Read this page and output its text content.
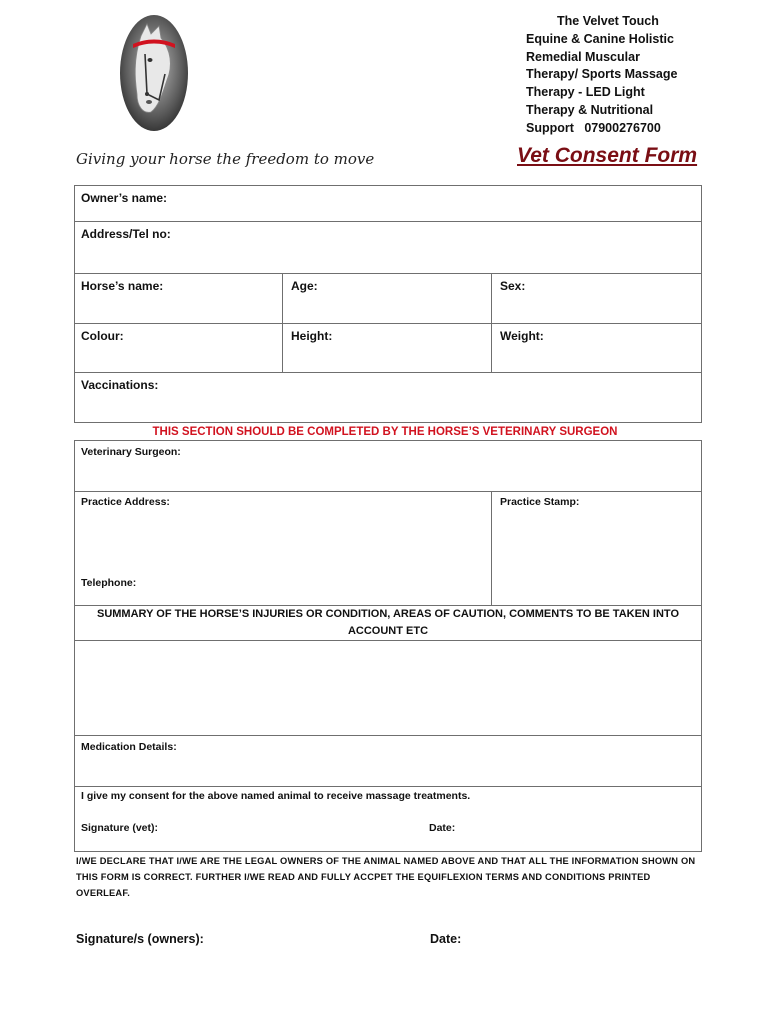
The Velvet Touch
Equine & Canine Holistic
Remedial Muscular
Therapy/ Sports Massage
Therapy - LED Light
Therapy & Nutritional
Support   07900276700
Giving your horse the freedom to move	Vet Consent Form
Owner’s name:
Address/Tel no:
Horse’s name:	Age:	Sex:
Colour:	Height:	Weight:
Vaccinations:
THIS SECTION SHOULD BE COMPLETED BY THE HORSE’S VETERINARY SURGEON
Veterinary Surgeon:
Practice Address:	Practice Stamp:
Telephone:
SUMMARY OF THE HORSE’S INJURIES OR CONDITION, AREAS OF CAUTION, COMMENTS TO BE TAKEN INTO ACCOUNT ETC
Medication Details:
I give my consent for the above named animal to receive massage treatments.
Signature (vet):	Date:
I/WE DECLARE THAT I/WE ARE THE LEGAL OWNERS OF THE ANIMAL NAMED ABOVE AND THAT ALL THE INFORMATION SHOWN ON THIS FORM IS CORRECT. FURTHER I/WE READ AND FULLY ACCPET THE EQUIFLEXION TERMS AND CONDITIONS PRINTED OVERLEAF.
Signature/s (owners):	Date:
